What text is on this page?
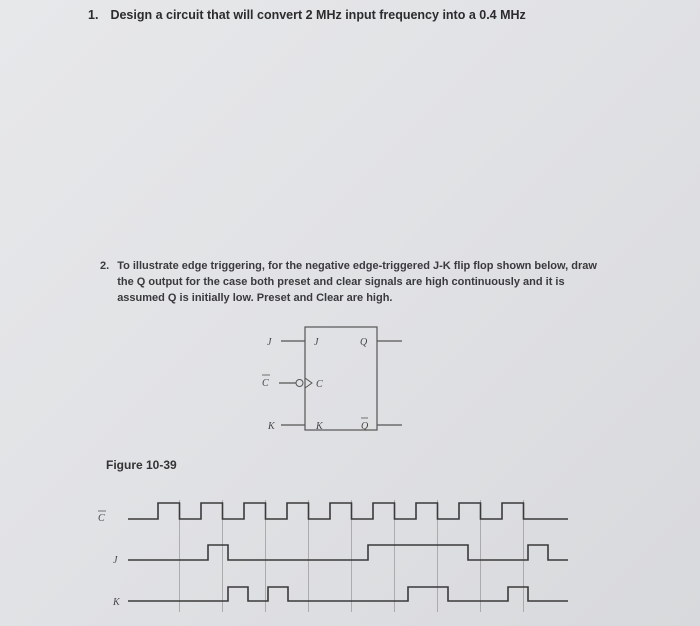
1. Design a circuit that will convert 2 MHz input frequency into a 0.4 MHz
2. To illustrate edge triggering, for the negative edge-triggered J-K flip flop shown below, draw the Q output for the case both preset and clear signals are high continuously and it is assumed Q is initially low. Preset and Clear are high.
Figure 10-39
J	J
C	C
K	K
Q
Q
C
J
K
